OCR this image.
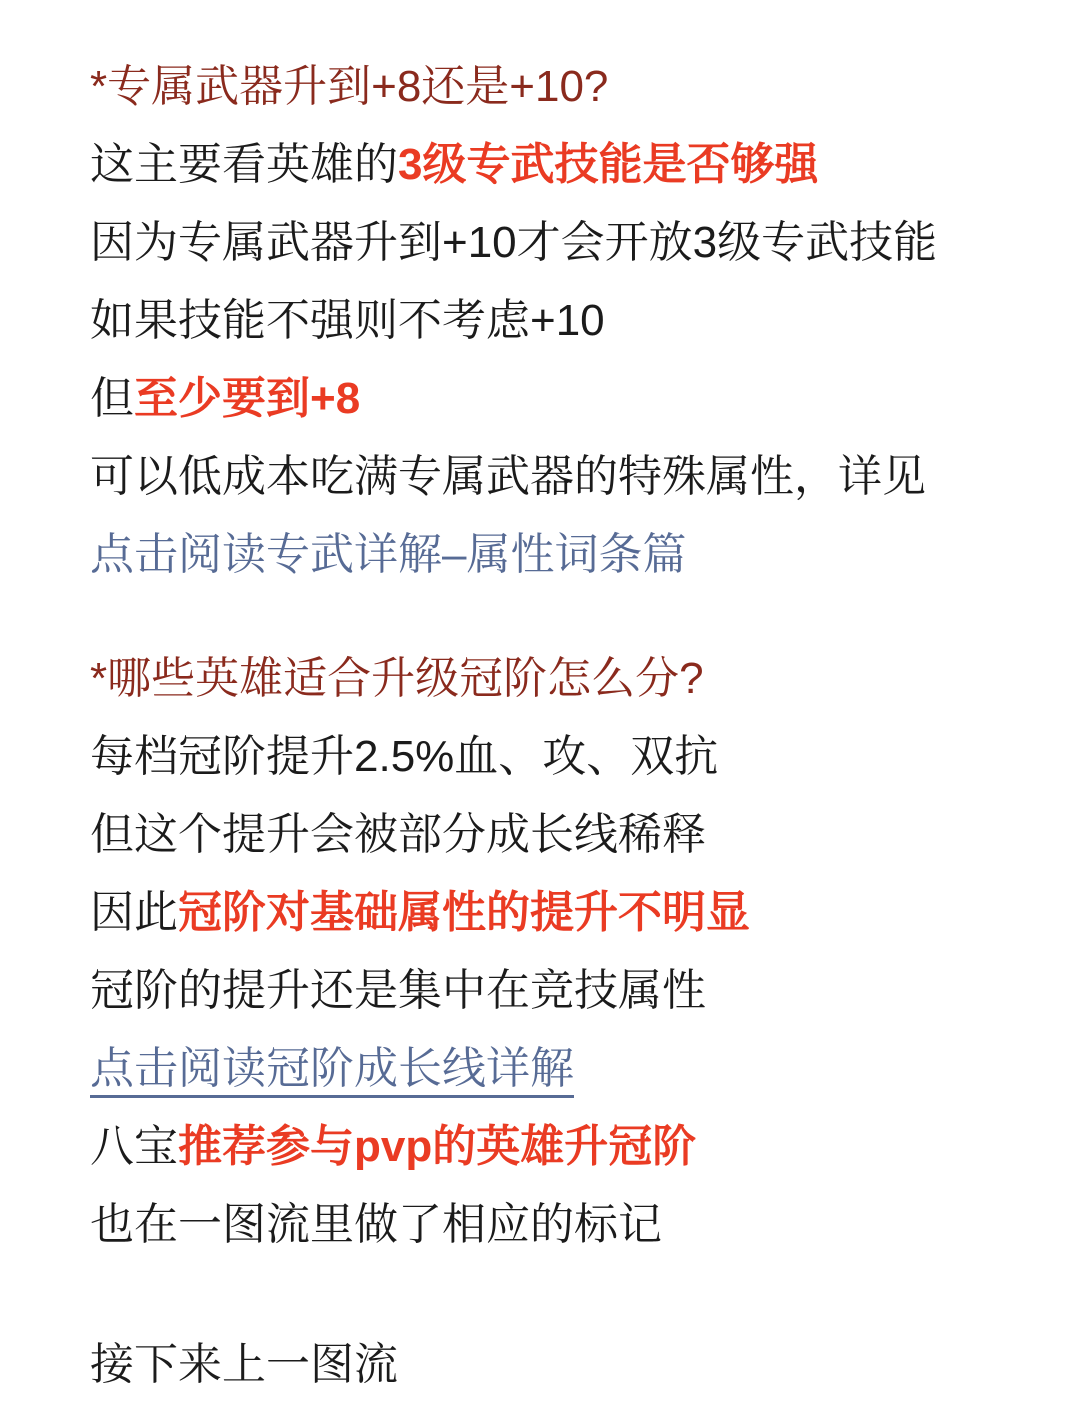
*专属武器升到+8还是+10?

这主要看英雄的3级专武技能是否够强

因为专属武器升到+10才会开放3级专武技能

如果技能不强则不考虑+10

但至少要到+8

可以低成本吃满专属武器的特殊属性，详见

点击阅读专武详解–属性词条篇

*哪些英雄适合升级冠阶怎么分?

每档冠阶提升2.5%血、攻、双抗

但这个提升会被部分成长线稀释

因此冠阶对基础属性的提升不明显

冠阶的提升还是集中在竞技属性

点击阅读冠阶成长线详解

八宝推荐参与pvp的英雄升冠阶

也在一图流里做了相应的标记

接下来上一图流
